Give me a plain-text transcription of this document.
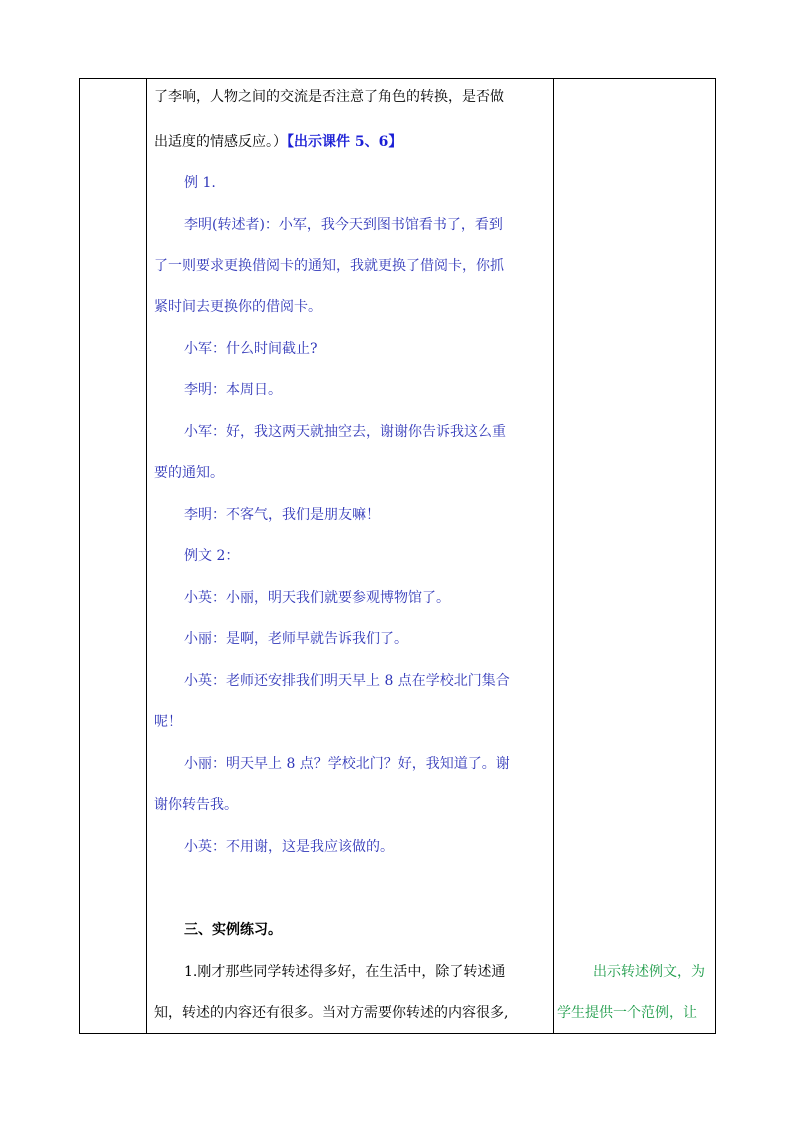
了李响，人物之间的交流是否注意了角色的转换，是否做
出适度的情感反应。）【出示课件 5、6】
例 1.
李明(转述者)：小军，我今天到图书馆看书了，看到
了一则要求更换借阅卡的通知，我就更换了借阅卡，你抓
紧时间去更换你的借阅卡。
小军：什么时间截止?
李明：本周日。
小军：好，我这两天就抽空去，谢谢你告诉我这么重
要的通知。
李明：不客气，我们是朋友嘛！
例文 2：
小英：小丽，明天我们就要参观博物馆了。
小丽：是啊，老师早就告诉我们了。
小英：老师还安排我们明天早上 8 点在学校北门集合
呢！
小丽：明天早上 8 点？学校北门？好，我知道了。谢
谢你转告我。
小英：不用谢，这是我应该做的。
三、实例练习。
1.刚才那些同学转述得多好，在生活中，除了转述通
知，转述的内容还有很多。当对方需要你转述的内容很多,
出示转述例文，为
学生提供一个范例，让
